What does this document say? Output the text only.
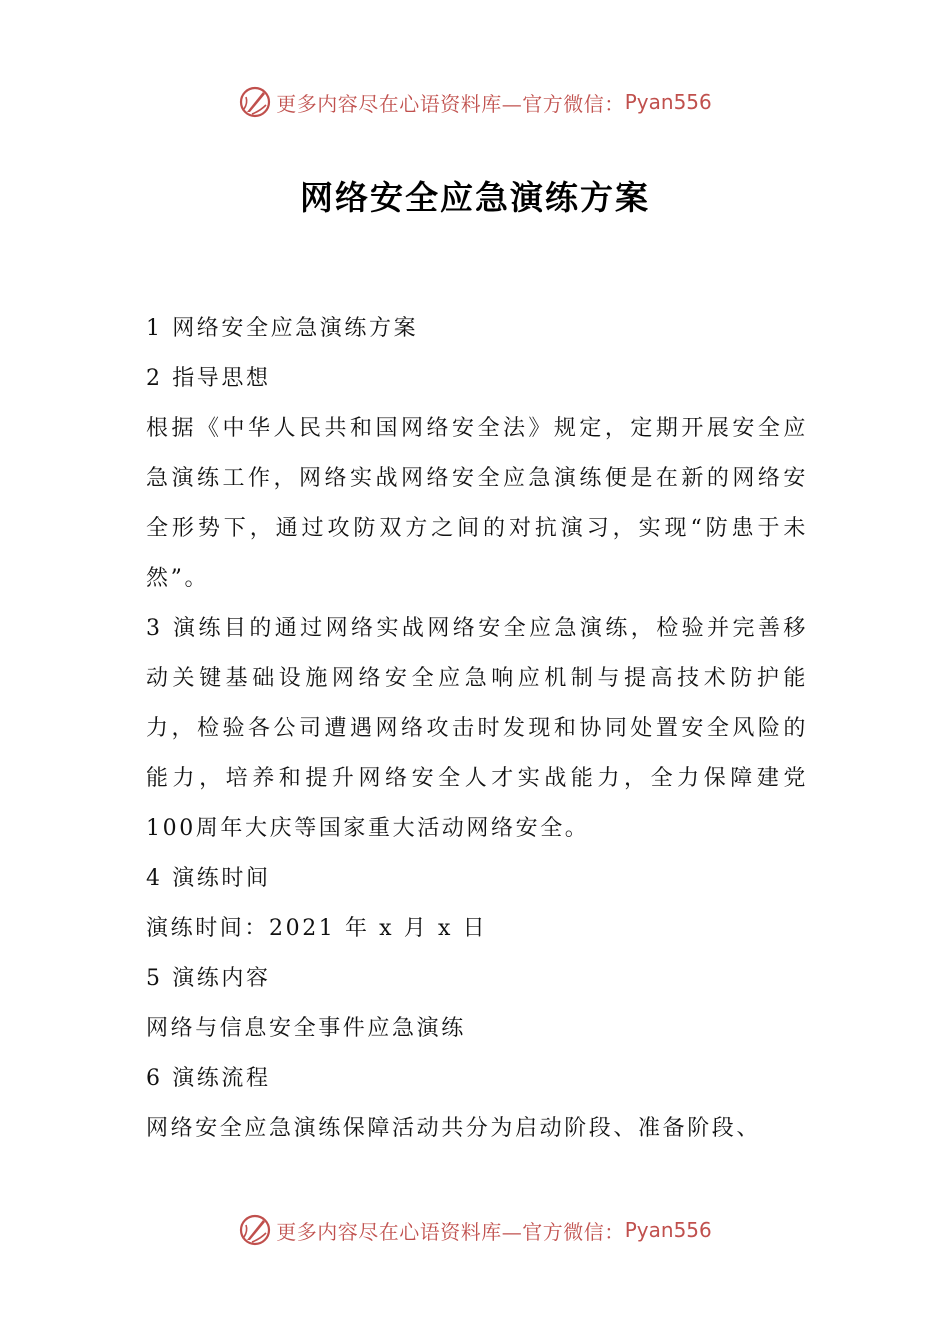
更多内容尽在心语资料库—官方微信： Pyan556
网络安全应急演练方案

1 网络安全应急演练方案

2 指导思想

根据《中华人民共和国网络安全法》规定，定期开展安全应急演练工作，网络实战网络安全应急演练便是在新的网络安全形势下，通过攻防双方之间的对抗演习，实现“防患于未然”。

3 演练目的通过网络实战网络安全应急演练，检验并完善移动关键基础设施网络安全应急响应机制与提高技术防护能力，检验各公司遭遇网络攻击时发现和协同处置安全风险的能力，培养和提升网络安全人才实战能力，全力保障建党100周年大庆等国家重大活动网络安全。

4 演练时间

演练时间：2021 年 x 月 x 日

5 演练内容

网络与信息安全事件应急演练

6 演练流程

网络安全应急演练保障活动共分为启动阶段、准备阶段、

更多内容尽在心语资料库—官方微信： Pyan556
